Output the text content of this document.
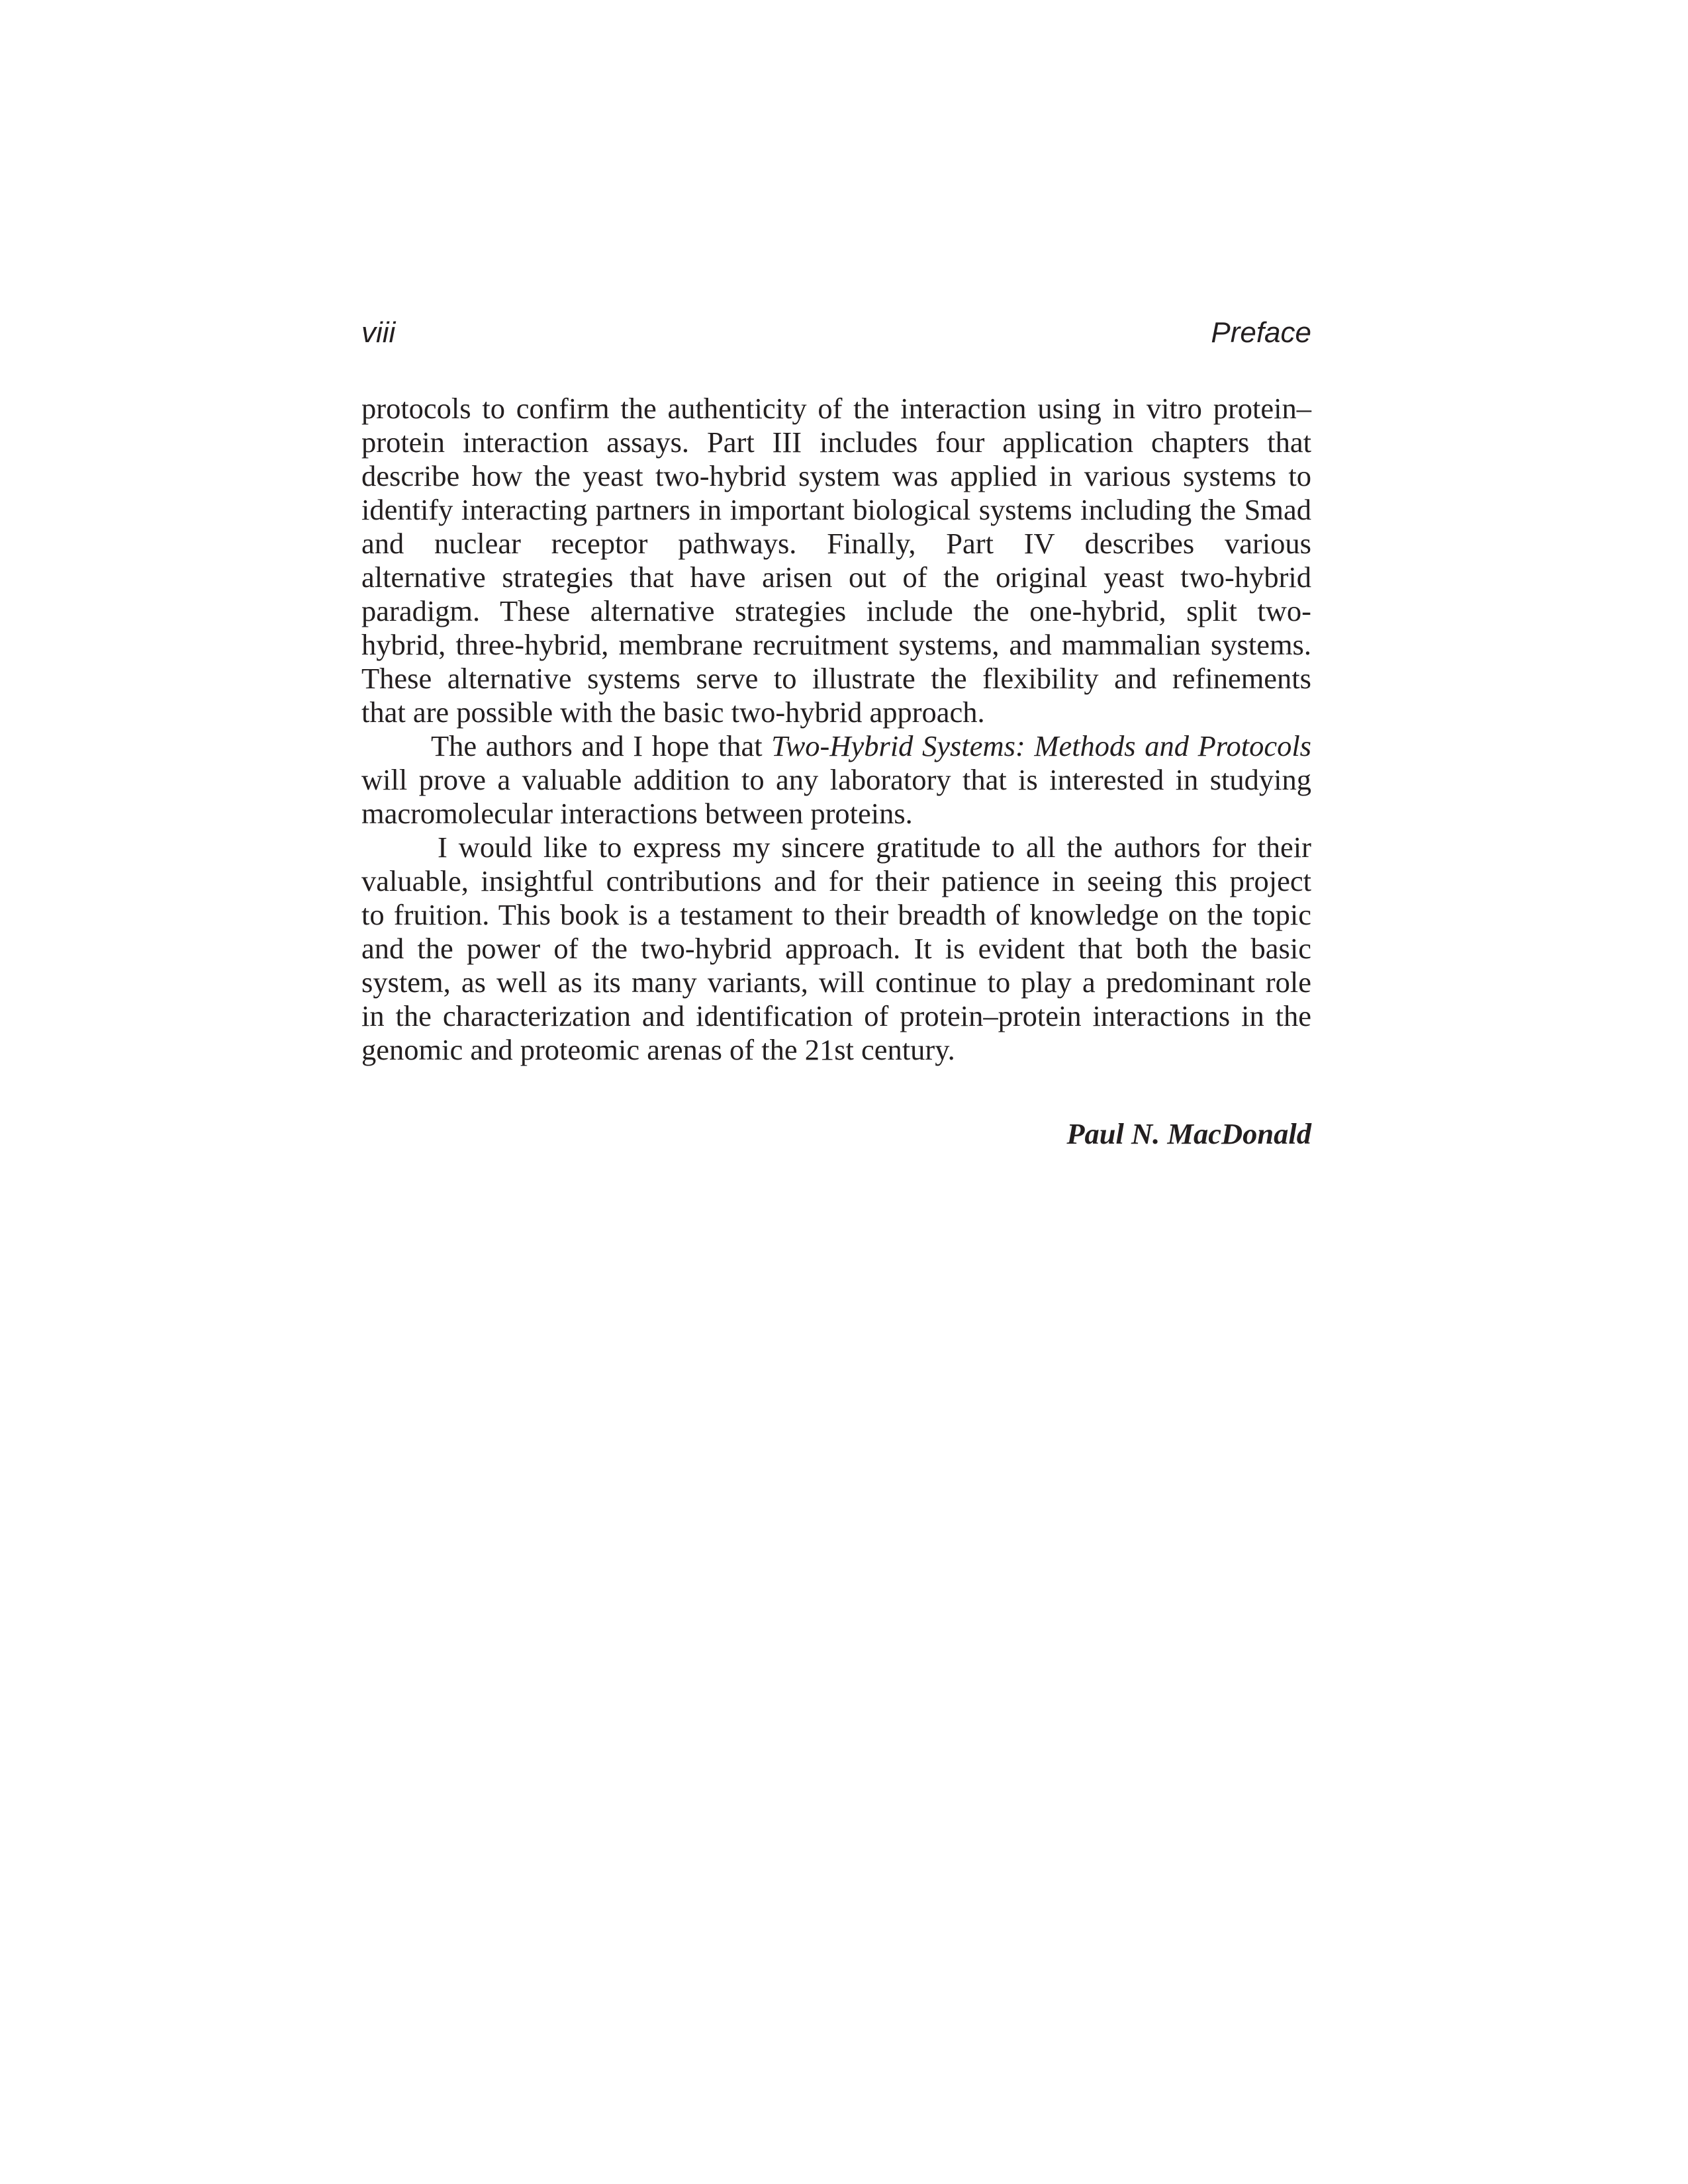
viii	Preface
protocols to confirm the authenticity of the interaction using in vitro protein–
protein interaction assays. Part III includes four application chapters that
describe how the yeast two-hybrid system was applied in various systems to
identify interacting partners in important biological systems including the Smad
and nuclear receptor pathways. Finally, Part IV describes various
alternative strategies that have arisen out of the original yeast two-hybrid
paradigm. These alternative strategies include the one-hybrid, split two-
hybrid, three-hybrid, membrane recruitment systems, and mammalian systems.
These alternative systems serve to illustrate the flexibility and refinements
that are possible with the basic two-hybrid approach.
The authors and I hope that Two-Hybrid Systems: Methods and Protocols
will prove a valuable addition to any laboratory that is interested in studying
macromolecular interactions between proteins.
I would like to express my sincere gratitude to all the authors for their
valuable, insightful contributions and for their patience in seeing this project
to fruition. This book is a testament to their breadth of knowledge on the topic
and the power of the two-hybrid approach. It is evident that both the basic
system, as well as its many variants, will continue to play a predominant role
in the characterization and identification of protein–protein interactions in the
genomic and proteomic arenas of the 21st century.
Paul N. MacDonald
